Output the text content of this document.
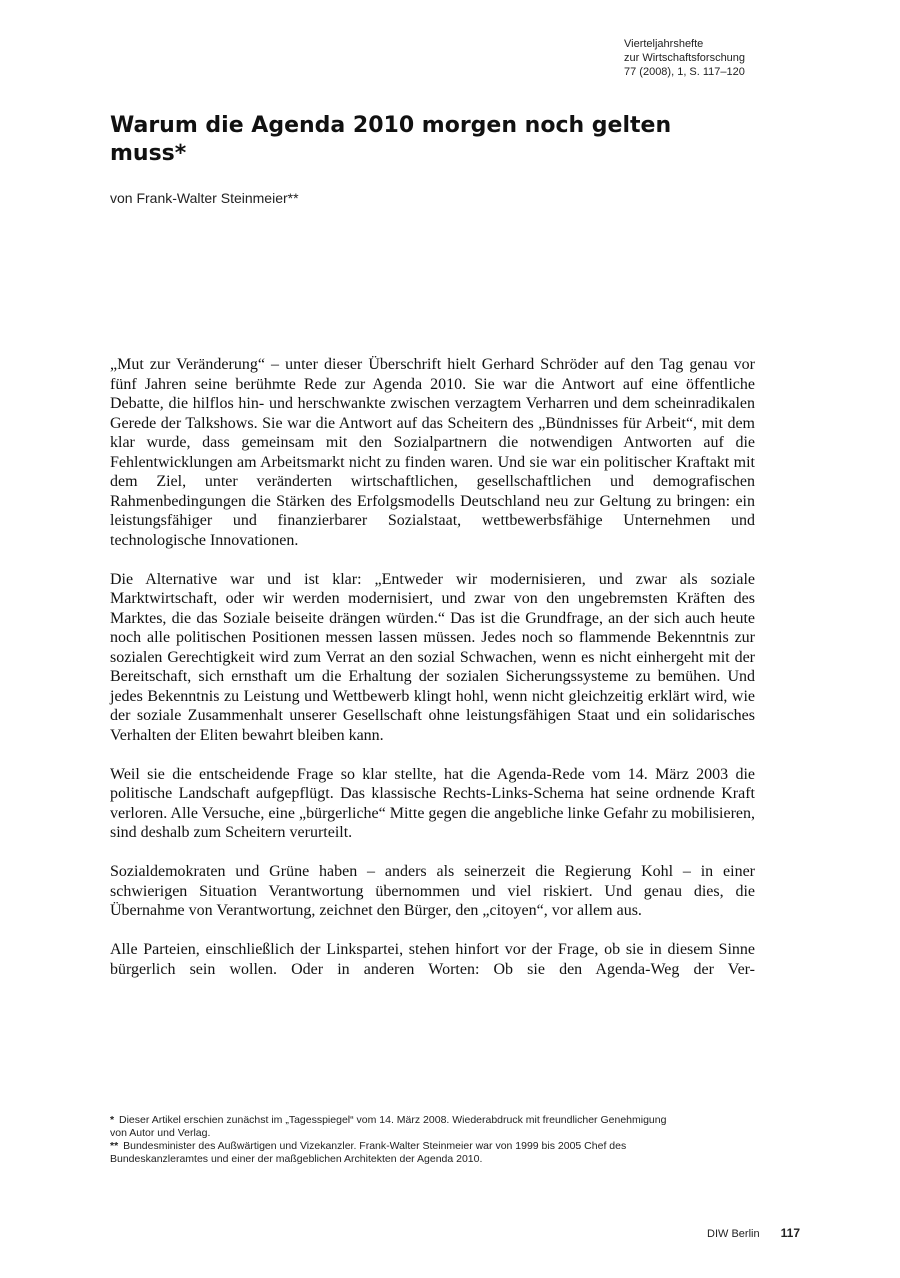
Vierteljahrshefte
zur Wirtschaftsforschung
77 (2008), 1, S. 117–120
Warum die Agenda 2010 morgen noch gelten muss*
von Frank-Walter Steinmeier**

„Mut zur Veränderung“ – unter dieser Überschrift hielt Gerhard Schröder auf den Tag genau vor fünf Jahren seine berühmte Rede zur Agenda 2010. Sie war die Antwort auf eine öffentliche Debatte, die hilflos hin- und herschwankte zwischen verzagtem Verharren und dem scheinradikalen Gerede der Talkshows. Sie war die Antwort auf das Scheitern des „Bündnisses für Arbeit“, mit dem klar wurde, dass gemeinsam mit den Sozialpartnern die notwendigen Antworten auf die Fehlentwicklungen am Arbeitsmarkt nicht zu finden waren. Und sie war ein politischer Kraftakt mit dem Ziel, unter veränderten wirtschaftlichen, gesellschaftlichen und demografischen Rahmenbedingungen die Stärken des Erfolgsmodells Deutschland neu zur Geltung zu bringen: ein leistungsfähiger und finanzierbarer Sozialstaat, wettbewerbsfähige Unternehmen und technologische Innovationen.

Die Alternative war und ist klar: „Entweder wir modernisieren, und zwar als soziale Marktwirtschaft, oder wir werden modernisiert, und zwar von den ungebremsten Kräften des Marktes, die das Soziale beiseite drängen würden.“ Das ist die Grundfrage, an der sich auch heute noch alle politischen Positionen messen lassen müssen. Jedes noch so flammende Bekenntnis zur sozialen Gerechtigkeit wird zum Verrat an den sozial Schwachen, wenn es nicht einhergeht mit der Bereitschaft, sich ernsthaft um die Erhaltung der sozialen Sicherungssysteme zu bemühen. Und jedes Bekenntnis zu Leistung und Wettbewerb klingt hohl, wenn nicht gleichzeitig erklärt wird, wie der soziale Zusammenhalt unserer Gesellschaft ohne leistungsfähigen Staat und ein solidarisches Verhalten der Eliten bewahrt bleiben kann.

Weil sie die entscheidende Frage so klar stellte, hat die Agenda-Rede vom 14. März 2003 die politische Landschaft aufgepflügt. Das klassische Rechts-Links-Schema hat seine ordnende Kraft verloren. Alle Versuche, eine „bürgerliche“ Mitte gegen die angebliche linke Gefahr zu mobilisieren, sind deshalb zum Scheitern verurteilt.

Sozialdemokraten und Grüne haben – anders als seinerzeit die Regierung Kohl – in einer schwierigen Situation Verantwortung übernommen und viel riskiert. Und genau dies, die Übernahme von Verantwortung, zeichnet den Bürger, den „citoyen“, vor allem aus.

Alle Parteien, einschließlich der Linkspartei, stehen hinfort vor der Frage, ob sie in diesem Sinne bürgerlich sein wollen. Oder in anderen Worten: Ob sie den Agenda-Weg der Ver-

* Dieser Artikel erschien zunächst im „Tagesspiegel“ vom 14. März 2008. Wiederabdruck mit freundlicher Genehmigung von Autor und Verlag.

** Bundesminister des Außwärtigen und Vizekanzler. Frank-Walter Steinmeier war von 1999 bis 2005 Chef des Bundeskanzleramtes und einer der maßgeblichen Architekten der Agenda 2010.

DIW Berlin 117
